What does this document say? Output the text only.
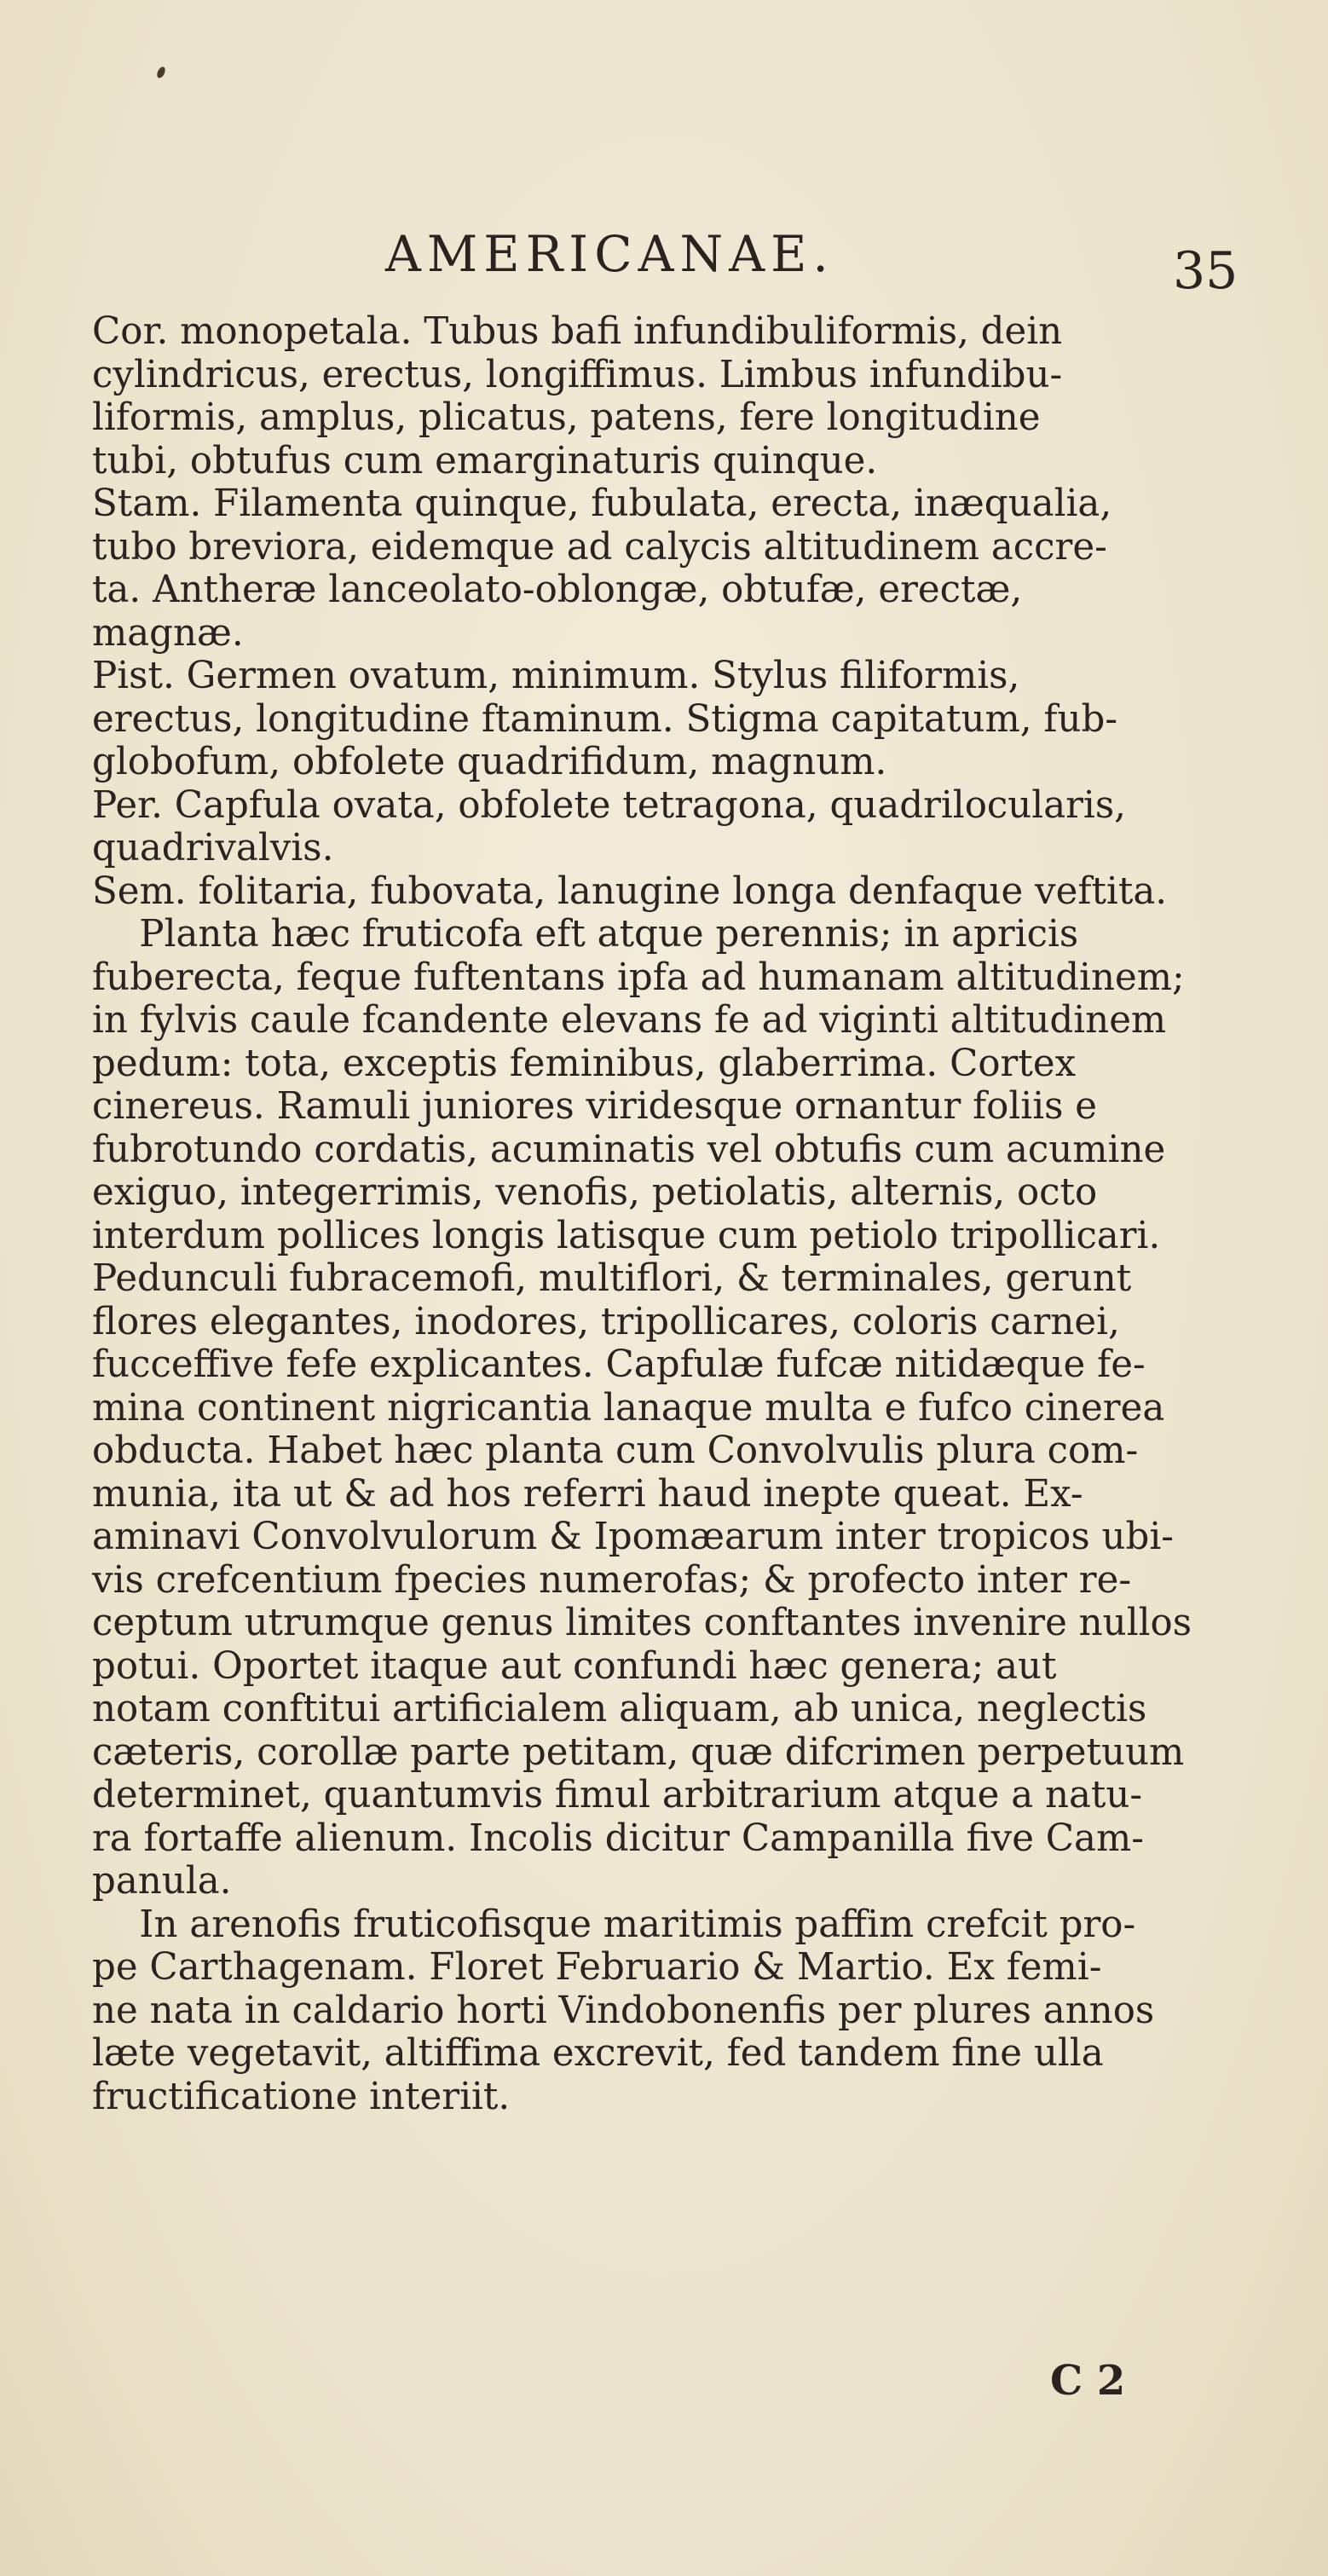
AMERICANAE.	35
Cor. monopetala. Tubus bafi infundibuliformis, dein
cylindricus, erectus, longiffimus. Limbus infundibu-
liformis, amplus, plicatus, patens, fere longitudine
tubi, obtufus cum emarginaturis quinque.
Stam. Filamenta quinque, fubulata, erecta, inæqualia,
tubo breviora, eidemque ad calycis altitudinem accre-
ta. Antheræ lanceolato-oblongæ, obtufæ, erectæ,
magnæ.
Pist. Germen ovatum, minimum. Stylus filiformis,
erectus, longitudine ftaminum. Stigma capitatum, fub-
globofum, obfolete quadrifidum, magnum.
Per. Capfula ovata, obfolete tetragona, quadrilocularis,
quadrivalvis.
Sem. folitaria, fubovata, lanugine longa denfaque veftita.
Planta hæc fruticofa eft atque perennis; in apricis
fuberecta, feque fuftentans ipfa ad humanam altitudinem;
in fylvis caule fcandente elevans fe ad viginti altitudinem
pedum: tota, exceptis feminibus, glaberrima. Cortex
cinereus. Ramuli juniores viridesque ornantur foliis e
fubrotundo cordatis, acuminatis vel obtufis cum acumine
exiguo, integerrimis, venofis, petiolatis, alternis, octo
interdum pollices longis latisque cum petiolo tripollicari.
Pedunculi fubracemofi, multiflori, & terminales, gerunt
flores elegantes, inodores, tripollicares, coloris carnei,
fucceffive fefe explicantes. Capfulæ fufcæ nitidæque fe-
mina continent nigricantia lanaque multa e fufco cinerea
obducta. Habet hæc planta cum Convolvulis plura com-
munia, ita ut & ad hos referri haud inepte queat. Ex-
aminavi Convolvulorum & Ipomæarum inter tropicos ubi-
vis crefcentium fpecies numerofas; & profecto inter re-
ceptum utrumque genus limites conftantes invenire nullos
potui. Oportet itaque aut confundi hæc genera; aut
notam conftitui artificialem aliquam, ab unica, neglectis
cæteris, corollæ parte petitam, quæ difcrimen perpetuum
determinet, quantumvis fimul arbitrarium atque a natu-
ra fortaffe alienum. Incolis dicitur Campanilla five Cam-
panula.
In arenofis fruticofisque maritimis paffim crefcit pro-
pe Carthagenam. Floret Februario & Martio. Ex femi-
ne nata in caldario horti Vindobonenfis per plures annos
læte vegetavit, altiffima excrevit, fed tandem fine ulla
fructificatione interiit.
C 2
